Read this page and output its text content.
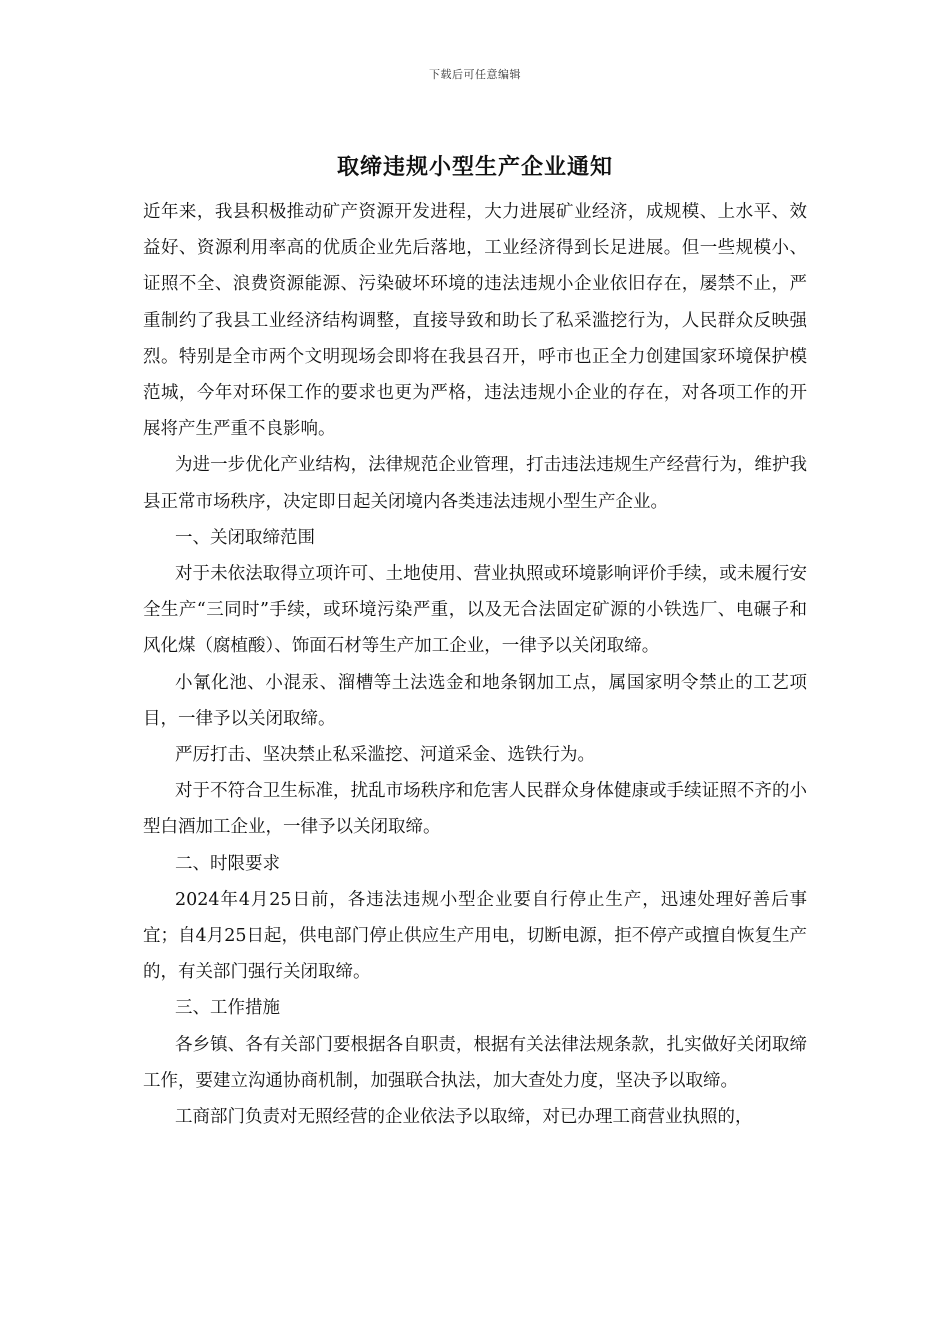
下载后可任意编辑
取缔违规小型生产企业通知

近年来，我县积极推动矿产资源开发进程，大力进展矿业经济，成规模、上水平、效益好、资源利用率高的优质企业先后落地，工业经济得到长足进展。但一些规模小、证照不全、浪费资源能源、污染破坏环境的违法违规小企业依旧存在，屡禁不止，严重制约了我县工业经济结构调整，直接导致和助长了私采滥挖行为，人民群众反映强烈。特别是全市两个文明现场会即将在我县召开，呼市也正全力创建国家环境保护模范城，今年对环保工作的要求也更为严格，违法违规小企业的存在，对各项工作的开展将产生严重不良影响。

为进一步优化产业结构，法律规范企业管理，打击违法违规生产经营行为，维护我县正常市场秩序，决定即日起关闭境内各类违法违规小型生产企业。

一、关闭取缔范围

对于未依法取得立项许可、土地使用、营业执照或环境影响评价手续，或未履行安全生产“三同时”手续，或环境污染严重，以及无合法固定矿源的小铁选厂、电碾子和风化煤（腐植酸）、饰面石材等生产加工企业，一律予以关闭取缔。

小氰化池、小混汞、溜槽等土法选金和地条钢加工点，属国家明令禁止的工艺项目，一律予以关闭取缔。

严厉打击、坚决禁止私采滥挖、河道采金、选铁行为。

对于不符合卫生标准，扰乱市场秩序和危害人民群众身体健康或手续证照不齐的小型白酒加工企业，一律予以关闭取缔。

二、时限要求

2024年4月25日前，各违法违规小型企业要自行停止生产，迅速处理好善后事宜；自4月25日起，供电部门停止供应生产用电，切断电源，拒不停产或擅自恢复生产的，有关部门强行关闭取缔。

三、工作措施

各乡镇、各有关部门要根据各自职责，根据有关法律法规条款，扎实做好关闭取缔工作，要建立沟通协商机制，加强联合执法，加大查处力度，坚决予以取缔。

工商部门负责对无照经营的企业依法予以取缔，对已办理工商营业执照的，
